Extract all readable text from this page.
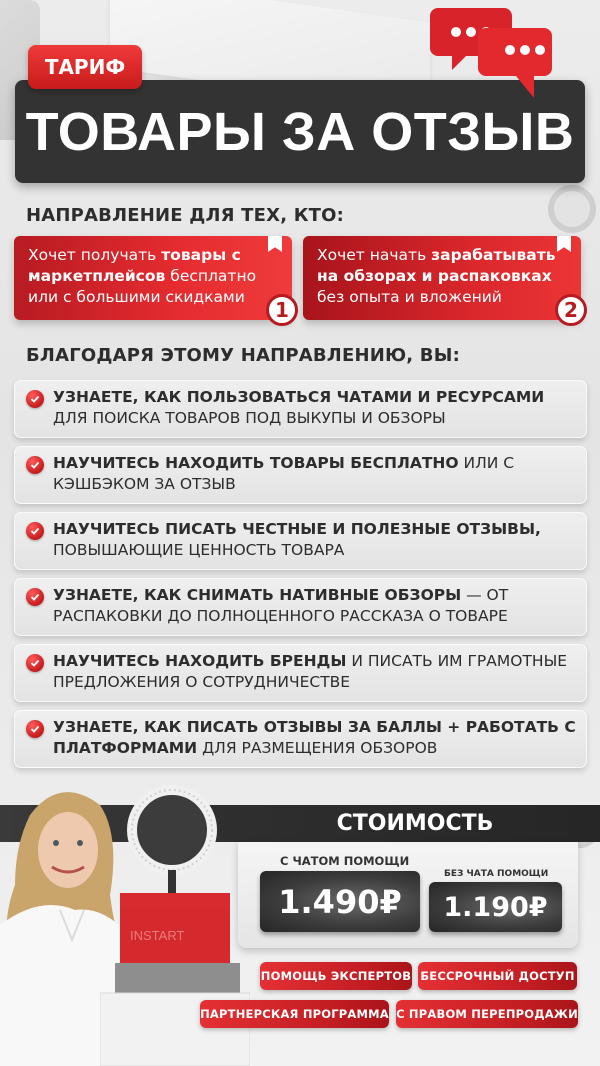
ТОВАРЫ ЗА ОТЗЫВ
ТАРИФ
НАПРАВЛЕНИЕ ДЛЯ ТЕХ, КТО:
Хочет получать товары с маркетплейсов бесплатно или с большими скидками
1
Хочет начать зарабатывать на обзорах и распаковках без опыта и вложений
2
БЛАГОДАРЯ ЭТОМУ НАПРАВЛЕНИЮ, ВЫ:
УЗНАЕТЕ, КАК ПОЛЬЗОВАТЬСЯ ЧАТАМИ И РЕСУРСАМИ ДЛЯ ПОИСКА ТОВАРОВ ПОД ВЫКУПЫ И ОБЗОРЫ
НАУЧИТЕСЬ НАХОДИТЬ ТОВАРЫ БЕСПЛАТНО ИЛИ С КЭШБЭКОМ ЗА ОТЗЫВ
НАУЧИТЕСЬ ПИСАТЬ ЧЕСТНЫЕ И ПОЛЕЗНЫЕ ОТЗЫВЫ, ПОВЫШАЮЩИЕ ЦЕННОСТЬ ТОВАРА
УЗНАЕТЕ, КАК СНИМАТЬ НАТИВНЫЕ ОБЗОРЫ — ОТ РАСПАКОВКИ ДО ПОЛНОЦЕННОГО РАССКАЗА О ТОВАРЕ
НАУЧИТЕСЬ НАХОДИТЬ БРЕНДЫ И ПИСАТЬ ИМ ГРАМОТНЫЕ ПРЕДЛОЖЕНИЯ О СОТРУДНИЧЕСТВЕ
УЗНАЕТЕ, КАК ПИСАТЬ ОТЗЫВЫ ЗА БАЛЛЫ + РАБОТАТЬ С ПЛАТФОРМАМИ ДЛЯ РАЗМЕЩЕНИЯ ОБЗОРОВ
INSTART
СТОИМОСТЬ
С ЧАТОМ ПОМОЩИ
1.490₽
БЕЗ ЧАТА ПОМОЩИ
1.190₽
ПОМОЩЬ ЭКСПЕРТОВ БЕССРОЧНЫЙ ДОСТУП
ПАРТНЕРСКАЯ ПРОГРАММА С ПРАВОМ ПЕРЕПРОДАЖИ
